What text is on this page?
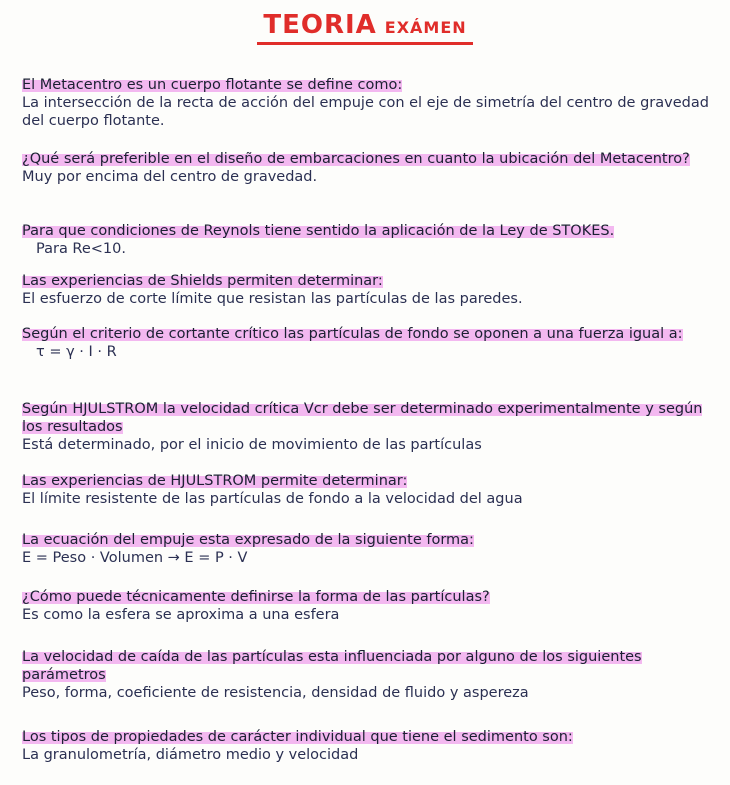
TEORIA EXÁMEN
El Metacentro es un cuerpo flotante se define como:
La intersección de la recta de acción del empuje con el eje de simetría del centro de gravedad del cuerpo flotante.
¿Qué será preferible en el diseño de embarcaciones en cuanto la ubicación del Metacentro?
Muy por encima del centro de gravedad.
Para que condiciones de Reynols tiene sentido la aplicación de la Ley de STOKES.
Para Re<10.
Las experiencias de Shields permiten determinar:
El esfuerzo de corte límite que resistan las partículas de las paredes.
Según el criterio de cortante crítico las partículas de fondo se oponen a una fuerza igual a:
τ = γ · I · R
Según HJULSTROM la velocidad crítica Vcr debe ser determinado experimentalmente y según los resultados
Está determinado, por el inicio de movimiento de las partículas
Las experiencias de HJULSTROM permite determinar:
El límite resistente de las partículas de fondo a la velocidad del agua
La ecuación del empuje esta expresado de la siguiente forma:
E = Peso · Volumen → E = P · V
¿Cómo puede técnicamente definirse la forma de las partículas?
Es como la esfera se aproxima a una esfera
La velocidad de caída de las partículas esta influenciada por alguno de los siguientes parámetros
Peso, forma, coeficiente de resistencia, densidad de fluido y aspereza
Los tipos de propiedades de carácter individual que tiene el sedimento son:
La granulometría, diámetro medio y velocidad
